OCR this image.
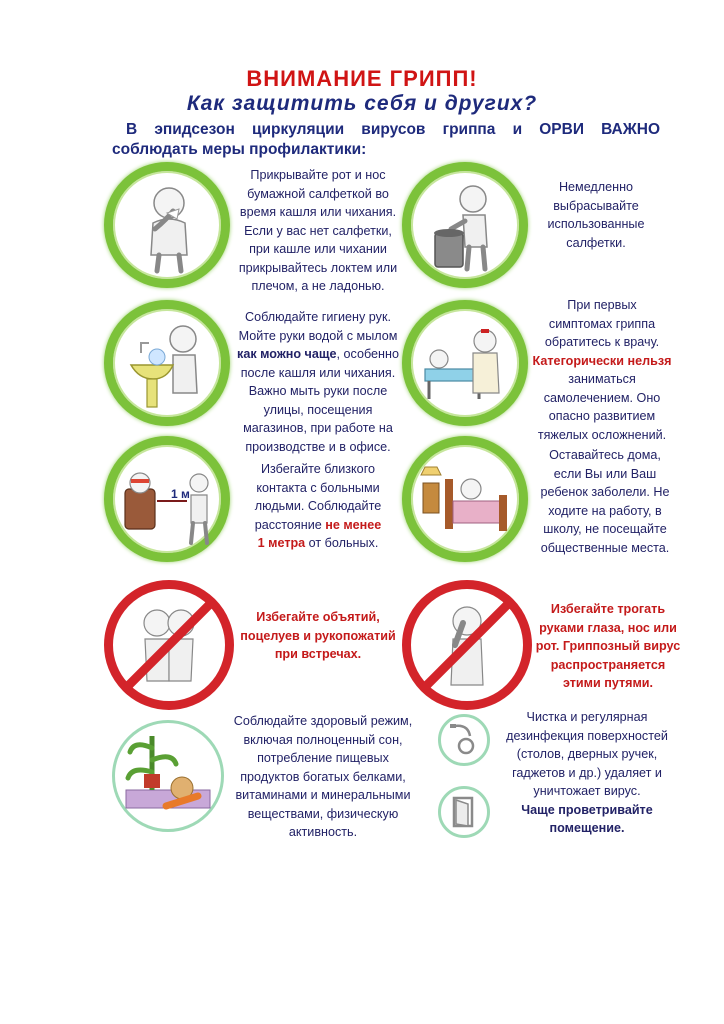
ВНИМАНИЕ ГРИПП!
Как защитить себя и других?
В эпидсезон циркуляции вирусов гриппа и ОРВИ ВАЖНО
соблюдать меры профилактики:
Прикрывайте рот и нос
бумажной салфеткой во
время кашля или чихания.
Если у вас нет салфетки,
при кашле или чихании
прикрывайтесь локтем или
плечом, а не ладонью.
Немедленно
выбрасывайте
использованные
салфетки.
Соблюдайте гигиену рук.
Мойте руки водой с мылом
как можно чаще, особенно
после кашля или чихания.
Важно мыть руки после
улицы, посещения
магазинов, при работе на
производстве и в офисе.
При первых
симптомах гриппа
обратитесь к врачу.
Категорически нельзя
заниматься
самолечением. Оно
опасно развитием
тяжелых осложнений.
1 м
Избегайте близкого
контакта с больными
людьми. Соблюдайте
расстояние не менее
1 метра от больных.
Оставайтесь дома,
если Вы или Ваш
ребенок заболели. Не
ходите на работу, в
школу, не посещайте
общественные места.
Избегайте объятий,
поцелуев и рукопожатий
при встречах.
Избегайте трогать
руками глаза, нос или
рот. Гриппозный вирус
распространяется
этими путями.
Соблюдайте здоровый режим,
включая полноценный сон,
потребление пищевых
продуктов богатых белками,
витаминами и минеральными
веществами, физическую
активность.
Чистка и регулярная
дезинфекция поверхностей
(столов, дверных ручек,
гаджетов и др.) удаляет и
уничтожает вирус.
Чаще проветривайте
помещение.
